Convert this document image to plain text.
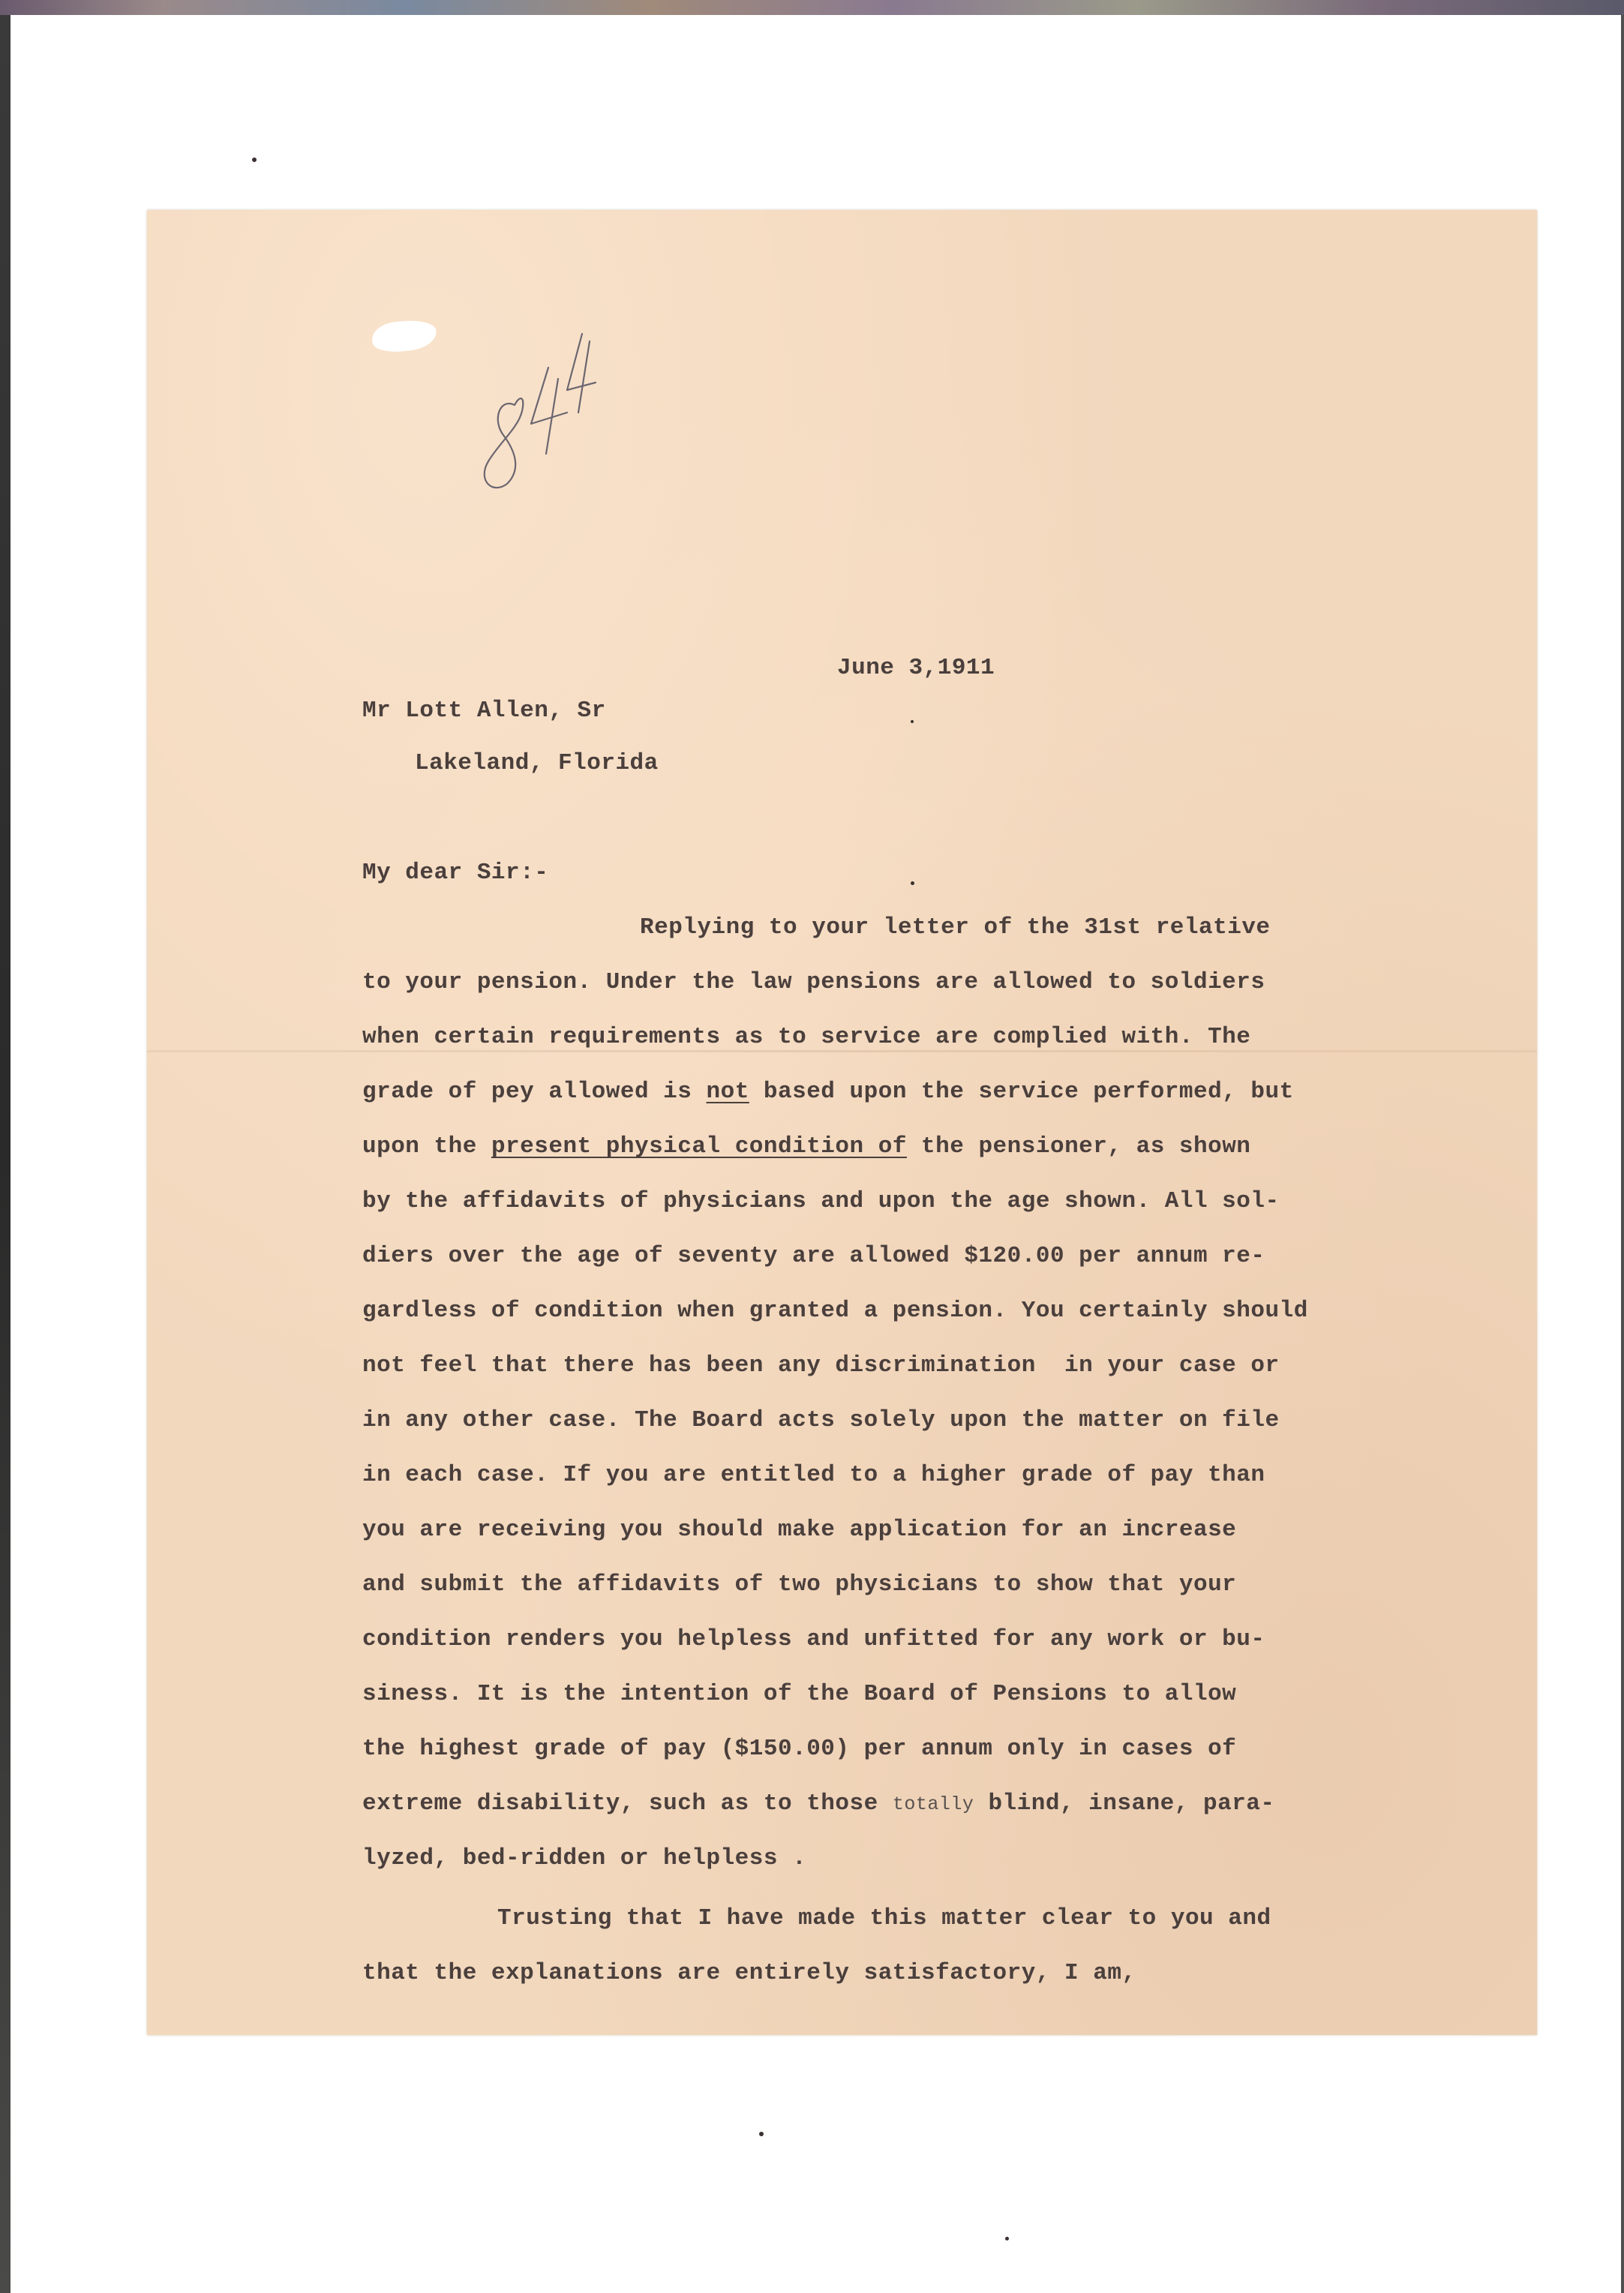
June 3,1911
Mr Lott Allen, Sr
Lakeland, Florida
My dear Sir:-
Replying to your letter of the 31st relative
to your pension. Under the law pensions are allowed to soldiers
when certain requirements as to service are complied with. The
grade of pey allowed is not based upon the service performed, but
upon the present physical condition of the pensioner, as shown
by the affidavits of physicians and upon the age shown. All sol-
diers over the age of seventy are allowed $120.00 per annum re-
gardless of condition when granted a pension. You certainly should
not feel that there has been any discrimination  in your case or
in any other case. The Board acts solely upon the matter on file
in each case. If you are entitled to a higher grade of pay than
you are receiving you should make application for an increase
and submit the affidavits of two physicians to show that your
condition renders you helpless and unfitted for any work or bu-
siness. It is the intention of the Board of Pensions to allow
the highest grade of pay ($150.00) per annum only in cases of
extreme disability, such as to those totally blind, insane, para-
lyzed, bed-ridden or helpless .
Trusting that I have made this matter clear to you and
that the explanations are entirely satisfactory, I am,
